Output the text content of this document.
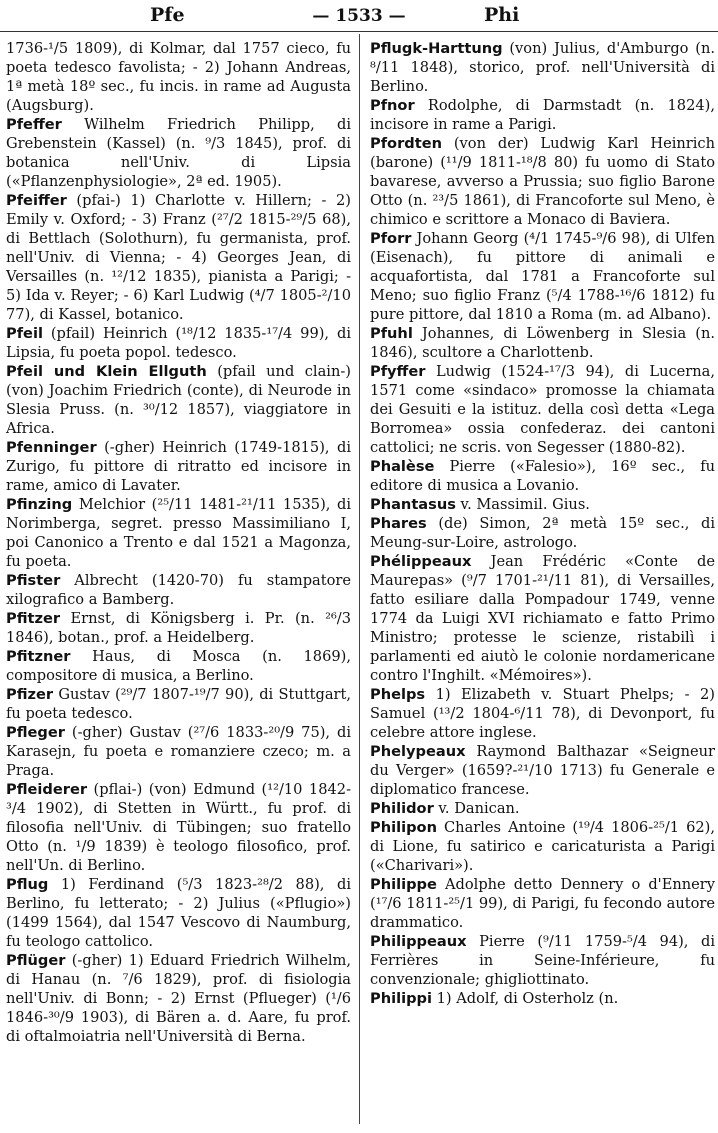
Pfe	— 1533 —	Phi

1736-¹/5 1809), di Kolmar, dal 1757 cieco, fu poeta tedesco favolista; - 2) Johann Andreas, 1ª metà 18º sec., fu incis. in rame ad Augusta (Augsburg).

Pfeffer Wilhelm Friedrich Philipp, di Grebenstein (Kassel) (n. ⁹/3 1845), prof. di botanica nell'Univ. di Lipsia («Pflanzenphysiologie», 2ª ed. 1905).

Pfeiffer (pfai-) 1) Charlotte v. Hillern; - 2) Emily v. Oxford; - 3) Franz (²⁷/2 1815-²⁹/5 68), di Bettlach (Solothurn), fu germanista, prof. nell'Univ. di Vienna; - 4) Georges Jean, di Versailles (n. ¹²/12 1835), pianista a Parigi; - 5) Ida v. Reyer; - 6) Karl Ludwig (⁴/7 1805-²/10 77), di Kassel, botanico.

Pfeil (pfail) Heinrich (¹⁸/12 1835-¹⁷/4 99), di Lipsia, fu poeta popol. tedesco.

Pfeil und Klein Ellguth (pfail und clain-) (von) Joachim Friedrich (conte), di Neurode in Slesia Pruss. (n. ³⁰/12 1857), viaggiatore in Africa.

Pfenninger (-gher) Heinrich (1749-1815), di Zurigo, fu pittore di ritratto ed incisore in rame, amico di Lavater.

Pfinzing Melchior (²⁵/11 1481-²¹/11 1535), di Norimberga, segret. presso Massimiliano I, poi Canonico a Trento e dal 1521 a Magonza, fu poeta.

Pfister Albrecht (1420-70) fu stampatore xilografico a Bamberg.

Pfitzer Ernst, di Königsberg i. Pr. (n. ²⁶/3 1846), botan., prof. a Heidelberg.

Pfitzner Haus, di Mosca (n. 1869), compositore di musica, a Berlino.

Pfizer Gustav (²⁹/7 1807-¹⁹/7 90), di Stuttgart, fu poeta tedesco.

Pfleger (-gher) Gustav (²⁷/6 1833-²⁰/9 75), di Karasejn, fu poeta e romanziere czeco; m. a Praga.

Pfleiderer (pflai-) (von) Edmund (¹²/10 1842-³/4 1902), di Stetten in Württ., fu prof. di filosofia nell'Univ. di Tübingen; suo fratello Otto (n. ¹/9 1839) è teologo filosofico, prof. nell'Un. di Berlino.

Pflug 1) Ferdinand (⁵/3 1823-²⁸/2 88), di Berlino, fu letterato; - 2) Julius («Pflugio») (1499 1564), dal 1547 Vescovo di Naumburg, fu teologo cattolico.

Pflüger (-gher) 1) Eduard Friedrich Wilhelm, di Hanau (n. ⁷/6 1829), prof. di fisiologia nell'Univ. di Bonn; - 2) Ernst (Pflueger) (¹/6 1846-³⁰/9 1903), di Bären a. d. Aare, fu prof. di oftalmoiatria nell'Università di Berna.

Pflugk-Harttung (von) Julius, d'Amburgo (n. ⁸/11 1848), storico, prof. nell'Università di Berlino.

Pfnor Rodolphe, di Darmstadt (n. 1824), incisore in rame a Parigi.

Pfordten (von der) Ludwig Karl Heinrich (barone) (¹¹/9 1811-¹⁸/8 80) fu uomo di Stato bavarese, avverso a Prussia; suo figlio Barone Otto (n. ²³/5 1861), di Francoforte sul Meno, è chimico e scrittore a Monaco di Baviera.

Pforr Johann Georg (⁴/1 1745-⁹/6 98), di Ulfen (Eisenach), fu pittore di animali e acquafortista, dal 1781 a Francoforte sul Meno; suo figlio Franz (⁵/4 1788-¹⁶/6 1812) fu pure pittore, dal 1810 a Roma (m. ad Albano).

Pfuhl Johannes, di Löwenberg in Slesia (n. 1846), scultore a Charlottenb.

Pfyffer Ludwig (1524-¹⁷/3 94), di Lucerna, 1571 come «sindaco» promosse la chiamata dei Gesuiti e la istituz. della così detta «Lega Borromea» ossia confederaz. dei cantoni cattolici; ne scris. von Segesser (1880-82).

Phalèse Pierre («Falesio»), 16º sec., fu editore di musica a Lovanio.

Phantasus v. Massimil. Gius.

Phares (de) Simon, 2ª metà 15º sec., di Meung-sur-Loire, astrologo.

Phélippeaux Jean Frédéric «Conte de Maurepas» (⁹/7 1701-²¹/11 81), di Versailles, fatto esiliare dalla Pompadour 1749, venne 1774 da Luigi XVI richiamato e fatto Primo Ministro; protesse le scienze, ristabilì i parlamenti ed aiutò le colonie nordamericane contro l'Inghilt. «Mémoires»).

Phelps 1) Elizabeth v. Stuart Phelps; - 2) Samuel (¹³/2 1804-⁶/11 78), di Devonport, fu celebre attore inglese.

Phelypeaux Raymond Balthazar «Seigneur du Verger» (1659?-²¹/10 1713) fu Generale e diplomatico francese.

Philidor v. Danican.

Philipon Charles Antoine (¹⁹/4 1806-²⁵/1 62), di Lione, fu satirico e caricaturista a Parigi («Charivari»).

Philippe Adolphe detto Dennery o d'Ennery (¹⁷/6 1811-²⁵/1 99), di Parigi, fu fecondo autore drammatico.

Philippeaux Pierre (⁹/11 1759-⁵/4 94), di Ferrières in Seine-Inférieure, fu convenzionale; ghigliottinato.

Philippi 1) Adolf, di Osterholz (n.
